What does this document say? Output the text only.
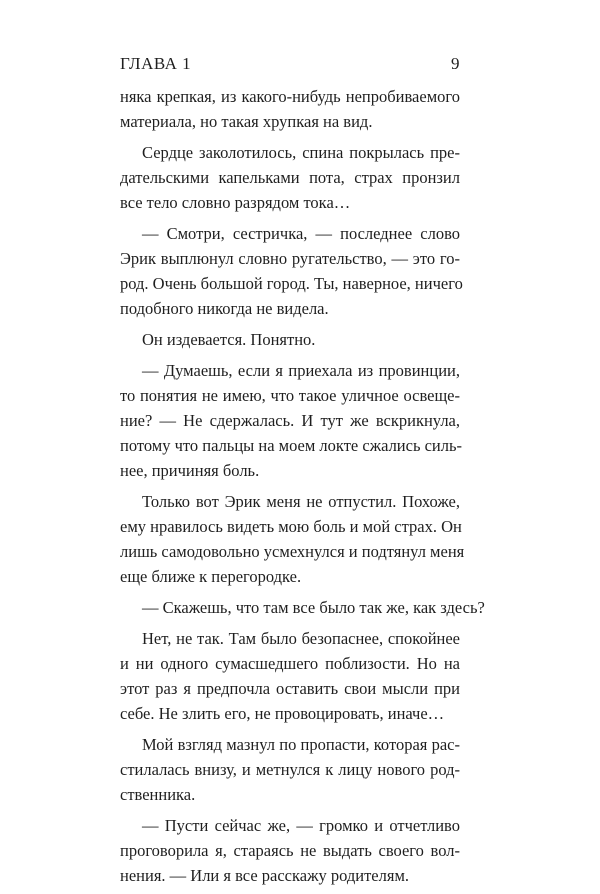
ГЛАВА 1	9
няка крепкая, из какого-нибудь непробиваемого
материала, но такая хрупкая на вид.
Сердце заколотилось, спина покрылась пре-
дательскими капельками пота, страх пронзил
все тело словно разрядом тока…
— Смотри, сестричка, — последнее слово
Эрик выплюнул словно ругательство, — это го-
род. Очень большой город. Ты, наверное, ничего
подобного никогда не видела.
Он издевается. Понятно.
— Думаешь, если я приехала из провинции,
то понятия не имею, что такое уличное освеще-
ние? — Не сдержалась. И тут же вскрикнула,
потому что пальцы на моем локте сжались силь-
нее, причиняя боль.
Только вот Эрик меня не отпустил. Похоже,
ему нравилось видеть мою боль и мой страх. Он
лишь самодовольно усмехнулся и подтянул меня
еще ближе к перегородке.
— Скажешь, что там все было так же, как здесь?
Нет, не так. Там было безопаснее, спокойнее
и ни одного сумасшедшего поблизости. Но на
этот раз я предпочла оставить свои мысли при
себе. Не злить его, не провоцировать, иначе…
Мой взгляд мазнул по пропасти, которая рас-
стилалась внизу, и метнулся к лицу нового род-
ственника.
— Пусти сейчас же, — громко и отчетливо
проговорила я, стараясь не выдать своего вол-
нения. — Или я все расскажу родителям.
